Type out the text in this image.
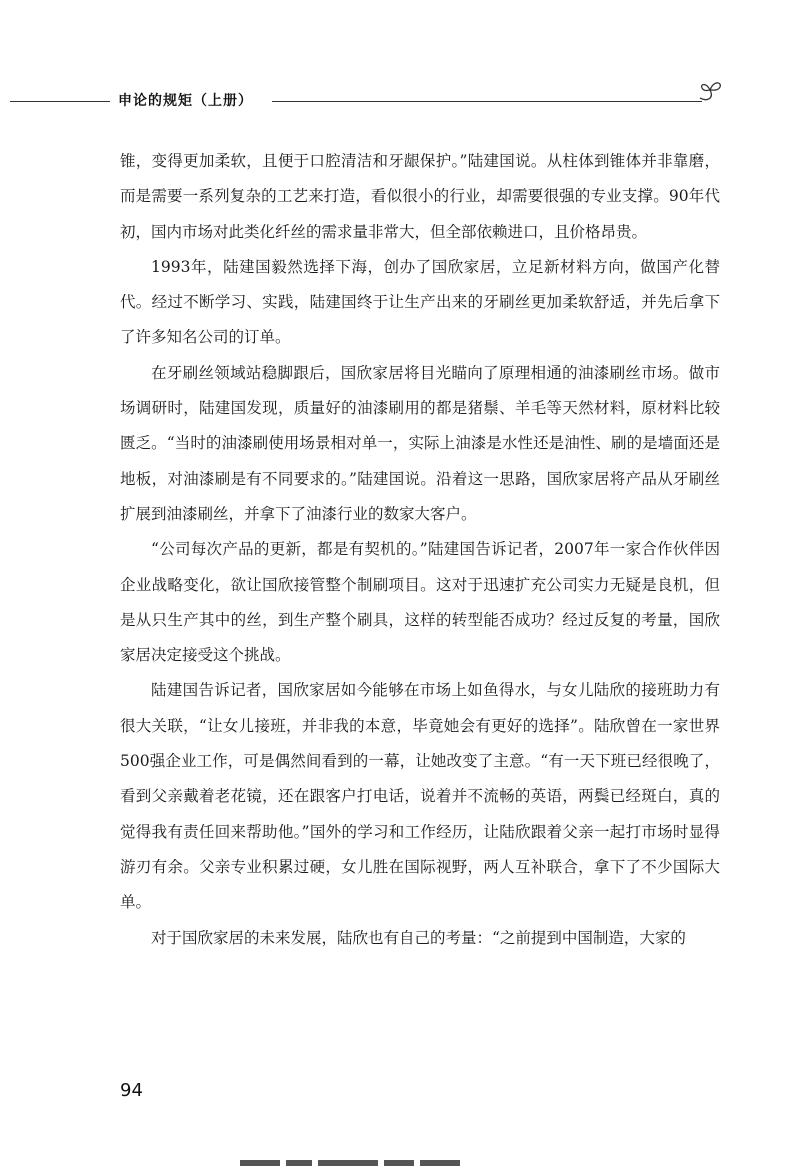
申论的规矩（上册）

锥，变得更加柔软，且便于口腔清洁和牙龈保护。”陆建国说。从柱体到锥体并非靠磨，而是需要一系列复杂的工艺来打造，看似很小的行业，却需要很强的专业支撑。90年代初，国内市场对此类化纤丝的需求量非常大，但全部依赖进口，且价格昂贵。

1993年，陆建国毅然选择下海，创办了国欣家居，立足新材料方向，做国产化替代。经过不断学习、实践，陆建国终于让生产出来的牙刷丝更加柔软舒适，并先后拿下了许多知名公司的订单。

在牙刷丝领域站稳脚跟后，国欣家居将目光瞄向了原理相通的油漆刷丝市场。做市场调研时，陆建国发现，质量好的油漆刷用的都是猪鬃、羊毛等天然材料，原材料比较匮乏。“当时的油漆刷使用场景相对单一，实际上油漆是水性还是油性、刷的是墙面还是地板，对油漆刷是有不同要求的。”陆建国说。沿着这一思路，国欣家居将产品从牙刷丝扩展到油漆刷丝，并拿下了油漆行业的数家大客户。

“公司每次产品的更新，都是有契机的。”陆建国告诉记者，2007年一家合作伙伴因企业战略变化，欲让国欣接管整个制刷项目。这对于迅速扩充公司实力无疑是良机，但是从只生产其中的丝，到生产整个刷具，这样的转型能否成功？经过反复的考量，国欣家居决定接受这个挑战。

陆建国告诉记者，国欣家居如今能够在市场上如鱼得水，与女儿陆欣的接班助力有很大关联，“让女儿接班，并非我的本意，毕竟她会有更好的选择”。陆欣曾在一家世界500强企业工作，可是偶然间看到的一幕，让她改变了主意。“有一天下班已经很晚了，看到父亲戴着老花镜，还在跟客户打电话，说着并不流畅的英语，两鬓已经斑白，真的觉得我有责任回来帮助他。”国外的学习和工作经历，让陆欣跟着父亲一起打市场时显得游刃有余。父亲专业积累过硬，女儿胜在国际视野，两人互补联合，拿下了不少国际大单。

对于国欣家居的未来发展，陆欣也有自己的考量：“之前提到中国制造，大家的

94
